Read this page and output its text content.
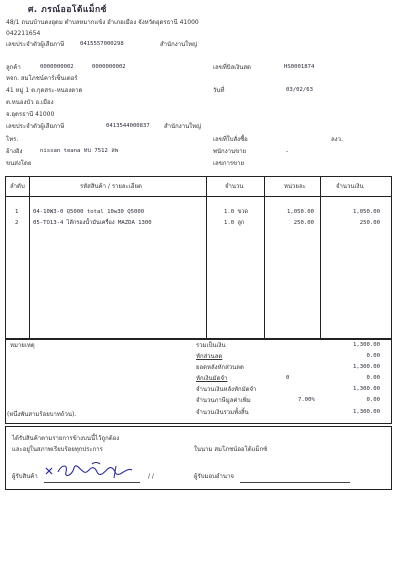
ศ. ภรณ์ออโต้แม็กซ์
48/1 ถนนบ้านดงอุดม ตำบลหมากแข้ง อำเภอเมือง จังหวัดอุดรธานี 41000
042211654
เลขประจำตัวผู้เสียภาษี	0415557000298	สำนักงานใหญ่
ลูกค้า	0000000002	0000000002	เลขที่บิลเงินสด	HS0001874
หจก. สมโภชน์คาร์เซ็นเตอร์
41 หมู่ 1 ต.กุดสระ-หนองตาด	วันที่	03/02/63
ต.หนองบัว อ.เมือง
จ.อุดรธานี 41000
เลขประจำตัวผู้เสียภาษี	0413544000837 สำนักงานใหญ่
โทร.	เลขที่ใบสั่งซื้อ	ลงว.
อ้างอิง	nissan teana ทบ 7512 ลพ	พนักงานขาย	-
ขนส่งโดย	เลขการขาย
ลำดับ	รหัสสินค้า / รายละเอียด	จำนวน	หน่วยละ	จำนวนเงิน
1	04-10W3-0 Q5000 total 10w30 Q5000	1.0 ขวด	1,050.00	1,050.00
2	05-TO13-4 ไส้กรองน้ำมันเครื่อง MAZDA 1300	1.0 ลูก	250.00	250.00
หมายเหตุ
(หนึ่งพันสามร้อยบาทถ้วน).
รวมเป็นเงิน	1,300.00
หักส่วนลด	0.00
ยอดหลังหักส่วนลด	1,300.00
หักเงินมัดจำ	0	0.00
จำนวนเงินหลังหักมัดจำ	1,300.00
จำนวนภาษีมูลค่าเพิ่ม	7.00%	0.00
จำนวนเงินรวมทั้งสิ้น	1,300.00
ได้รับสินค้าตามรายการข้างบนนี้ไว้ถูกต้อง
และอยู่ในสภาพเรียบร้อยทุกประการ	ในนาม สมโภชน์ออโต้แม็กซ์
ผู้รับสินค้า	/ /	ผู้รับมอบอำนาจ
